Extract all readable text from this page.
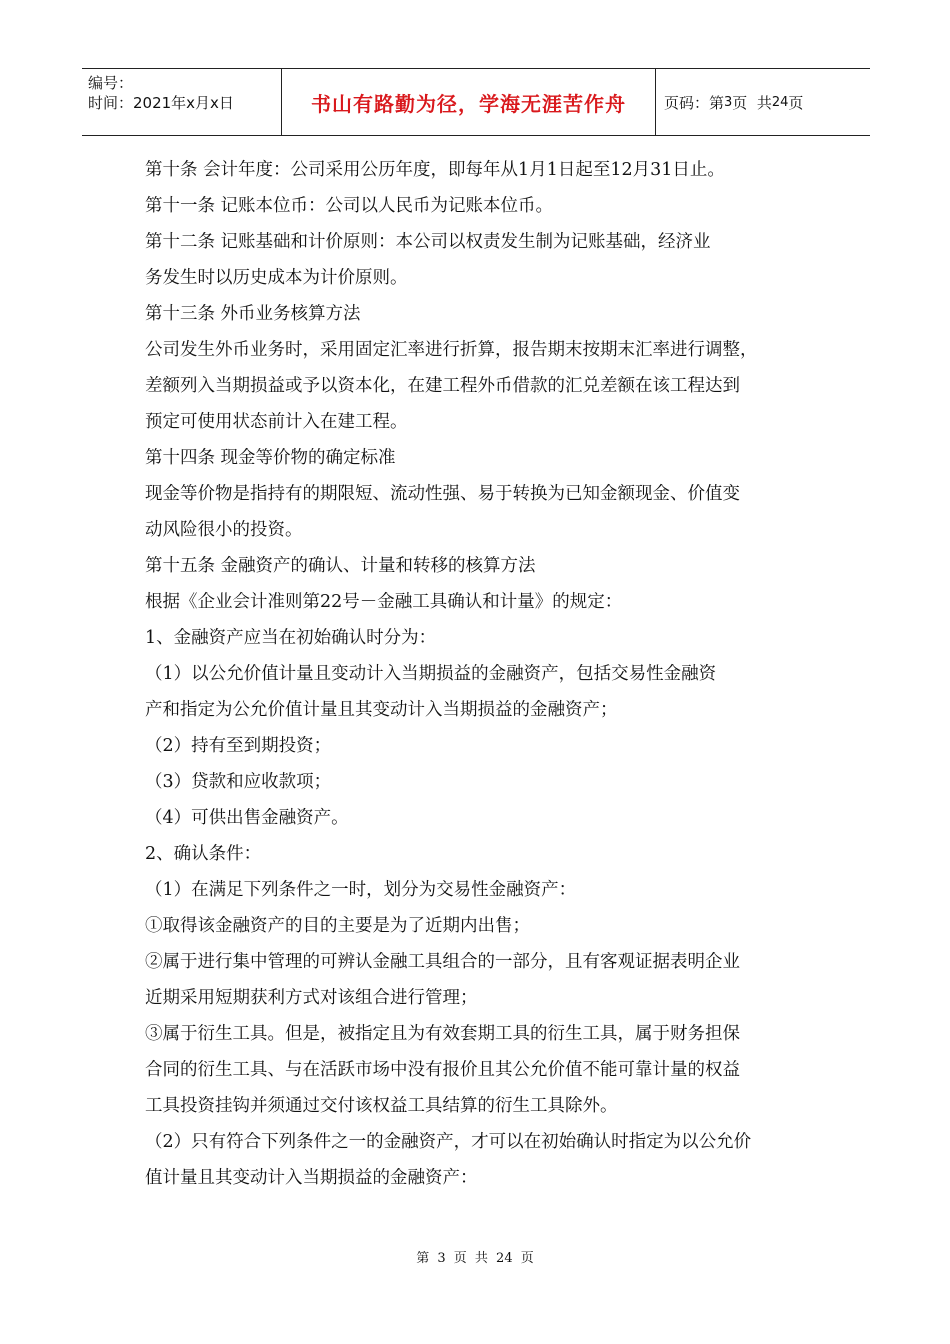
编号：
时间：2021年x月x日	书山有路勤为径，学海无涯苦作舟	页码：第 3 页  共 24 页
第十条 会计年度：公司采用公历年度，即每年从1月1日起至12月31日止。
第十一条 记账本位币：公司以人民币为记账本位币。
第十二条 记账基础和计价原则：本公司以权责发生制为记账基础，经济业
务发生时以历史成本为计价原则。
第十三条 外币业务核算方法
公司发生外币业务时，采用固定汇率进行折算，报告期末按期末汇率进行调整，
差额列入当期损益或予以资本化，在建工程外币借款的汇兑差额在该工程达到
预定可使用状态前计入在建工程。
第十四条 现金等价物的确定标准
现金等价物是指持有的期限短、流动性强、易于转换为已知金额现金、价值变
动风险很小的投资。
第十五条 金融资产的确认、计量和转移的核算方法
根据《企业会计准则第22号－金融工具确认和计量》的规定：
1、金融资产应当在初始确认时分为：
（1）以公允价值计量且变动计入当期损益的金融资产，包括交易性金融资
产和指定为公允价值计量且其变动计入当期损益的金融资产；
（2）持有至到期投资；
（3）贷款和应收款项；
（4）可供出售金融资产。
2、确认条件：
（1）在满足下列条件之一时，划分为交易性金融资产：
①取得该金融资产的目的主要是为了近期内出售；
②属于进行集中管理的可辨认金融工具组合的一部分，且有客观证据表明企业
近期采用短期获利方式对该组合进行管理；
③属于衍生工具。但是，被指定且为有效套期工具的衍生工具，属于财务担保
合同的衍生工具、与在活跃市场中没有报价且其公允价值不能可靠计量的权益
工具投资挂钩并须通过交付该权益工具结算的衍生工具除外。
（2）只有符合下列条件之一的金融资产，才可以在初始确认时指定为以公允价
值计量且其变动计入当期损益的金融资产：
第 3 页 共 24 页
